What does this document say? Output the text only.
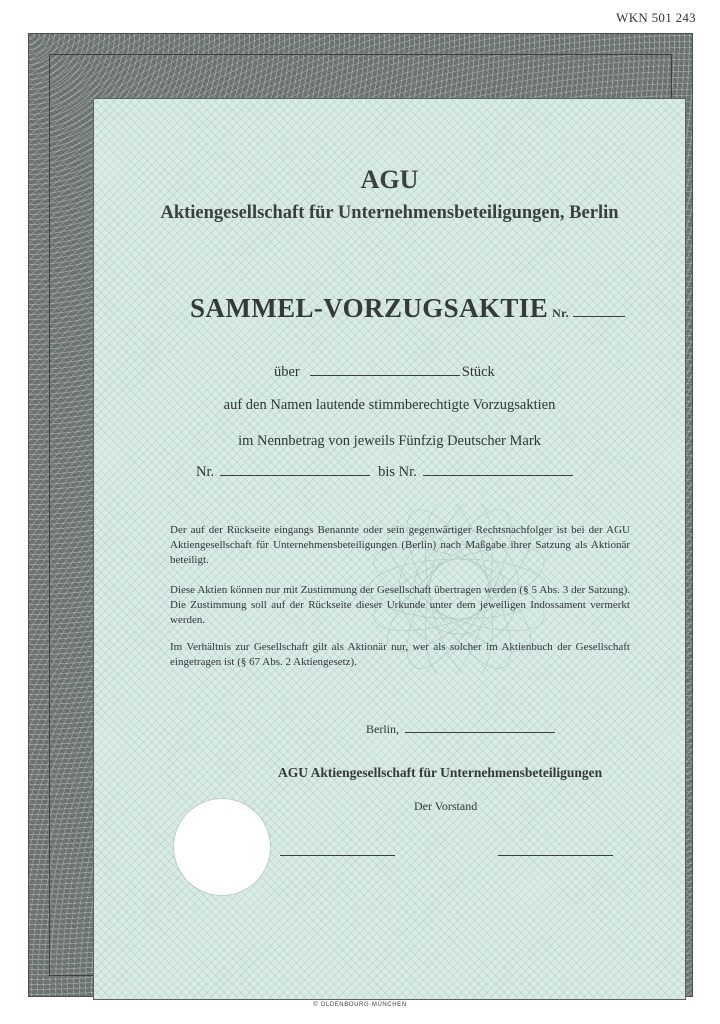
WKN 501 243
AGU
Aktiengesellschaft für Unternehmensbeteiligungen, Berlin
SAMMEL-VORZUGSAKTIE Nr.
über	Stück
auf den Namen lautende stimmberechtigte Vorzugsaktien
im Nennbetrag von jeweils Fünfzig Deutscher Mark
Nr.	bis Nr.
Der auf der Rückseite eingangs Benannte oder sein gegenwärtiger Rechtsnachfolger ist bei der AGU Aktiengesellschaft für Unternehmensbeteiligungen (Berlin) nach Maßgabe ihrer Satzung als Aktionär beteiligt.
Diese Aktien können nur mit Zustimmung der Gesellschaft übertragen werden (§ 5 Abs. 3 der Satzung). Die Zustimmung soll auf der Rückseite dieser Urkunde unter dem jeweiligen Indossament vermerkt werden.
Im Verhältnis zur Gesellschaft gilt als Aktionär nur, wer als solcher im Aktienbuch der Gesellschaft eingetragen ist (§ 67 Abs. 2 Aktiengesetz).
Berlin,
AGU Aktiengesellschaft für Unternehmensbeteiligungen
Der Vorstand
© OLDENBOURG·MÜNCHEN
